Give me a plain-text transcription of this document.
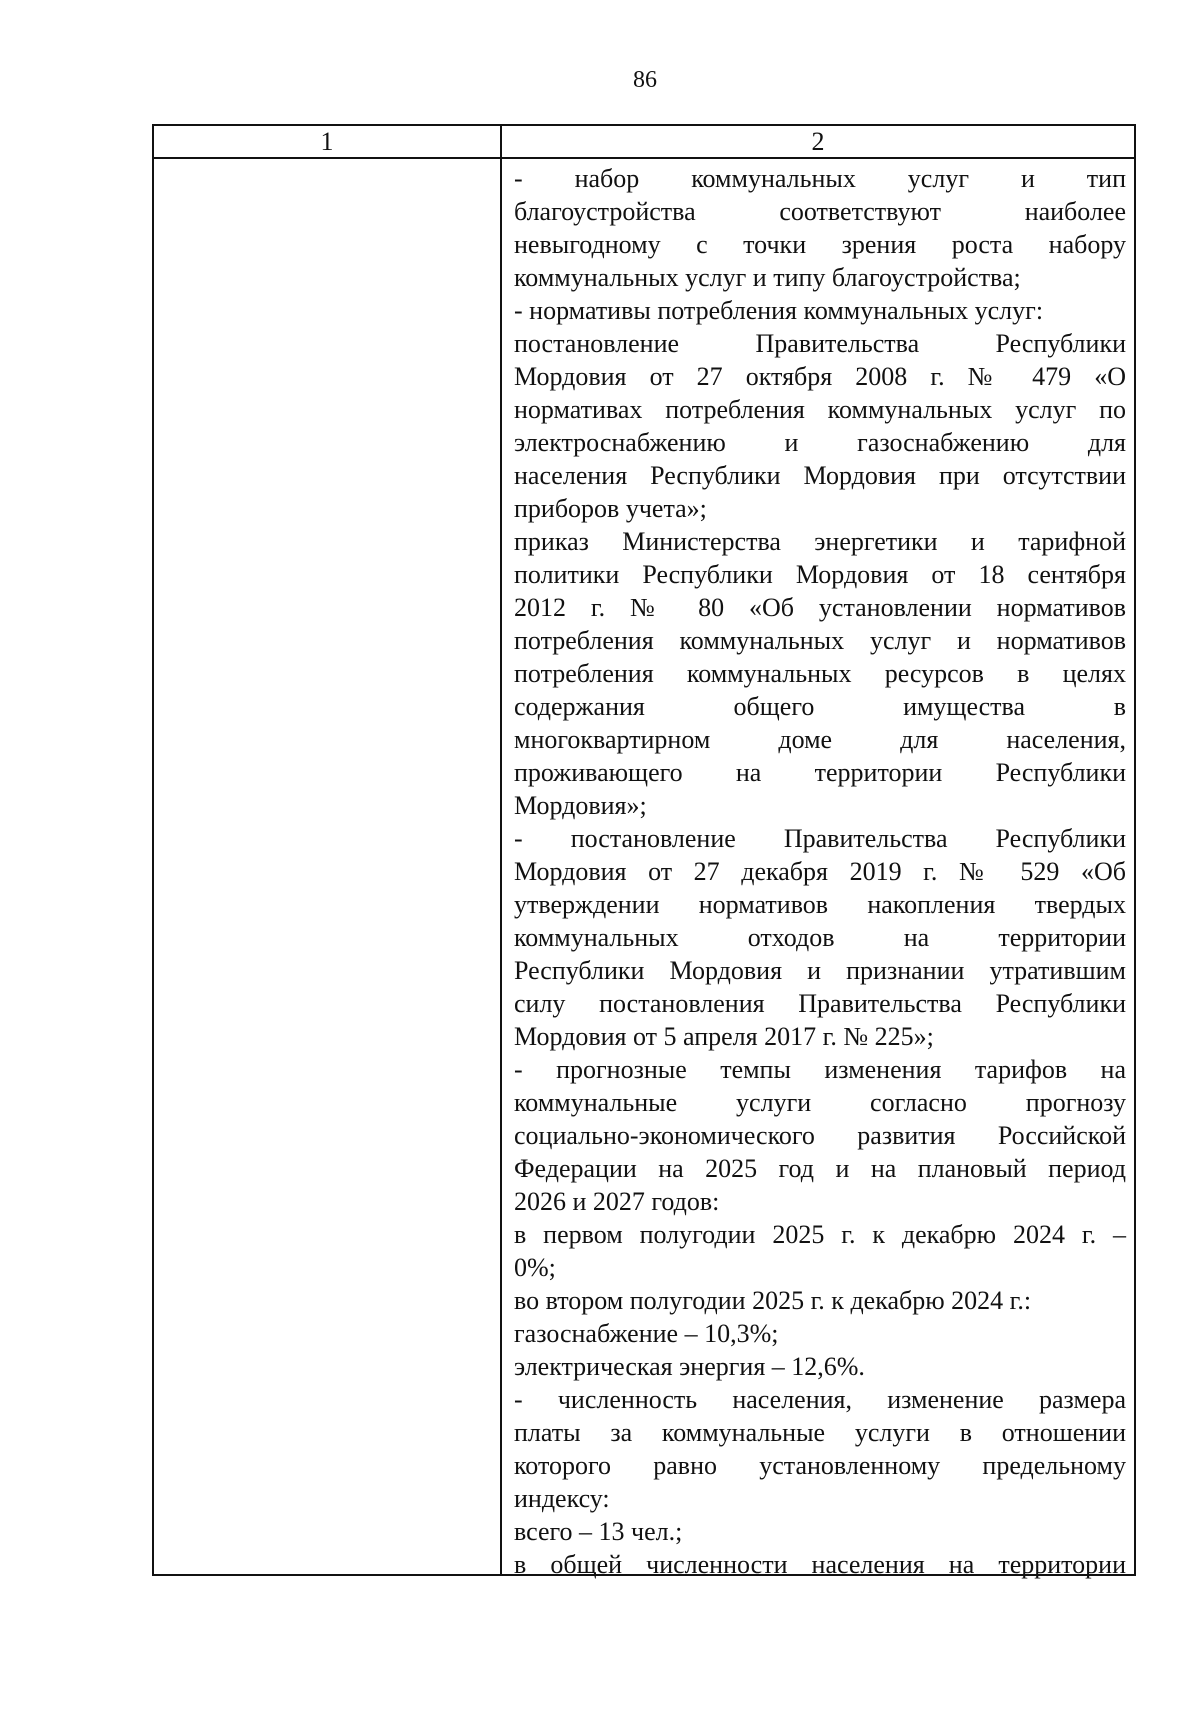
86
1	2
- набор коммунальных услуг и тип
благоустройства соответствуют наиболее
невыгодному с точки зрения роста набору
коммунальных услуг и типу благоустройства;
- нормативы потребления коммунальных услуг:
постановление Правительства Республики
Мордовия от 27 октября 2008 г. № 479 «О
нормативах потребления коммунальных услуг по
электроснабжению и газоснабжению для
населения Республики Мордовия при отсутствии
приборов учета»;
приказ Министерства энергетики и тарифной
политики Республики Мордовия от 18 сентября
2012 г. № 80 «Об установлении нормативов
потребления коммунальных услуг и нормативов
потребления коммунальных ресурсов в целях
содержания общего имущества в
многоквартирном доме для населения,
проживающего на территории Республики
Мордовия»;
- постановление Правительства Республики
Мордовия от 27 декабря 2019 г. № 529 «Об
утверждении нормативов накопления твердых
коммунальных отходов на территории
Республики Мордовия и признании утратившим
силу постановления Правительства Республики
Мордовия от 5 апреля 2017 г. № 225»;
- прогнозные темпы изменения тарифов на
коммунальные услуги согласно прогнозу
социально-экономического развития Российской
Федерации на 2025 год и на плановый период
2026 и 2027 годов:
в первом полугодии 2025 г. к декабрю 2024 г. –
0%;
во втором полугодии 2025 г. к декабрю 2024 г.:
газоснабжение – 10,3%;
электрическая энергия – 12,6%.
- численность населения, изменение размера
платы за коммунальные услуги в отношении
которого равно установленному предельному
индексу:
всего – 13 чел.;
в общей численности населения на территории
